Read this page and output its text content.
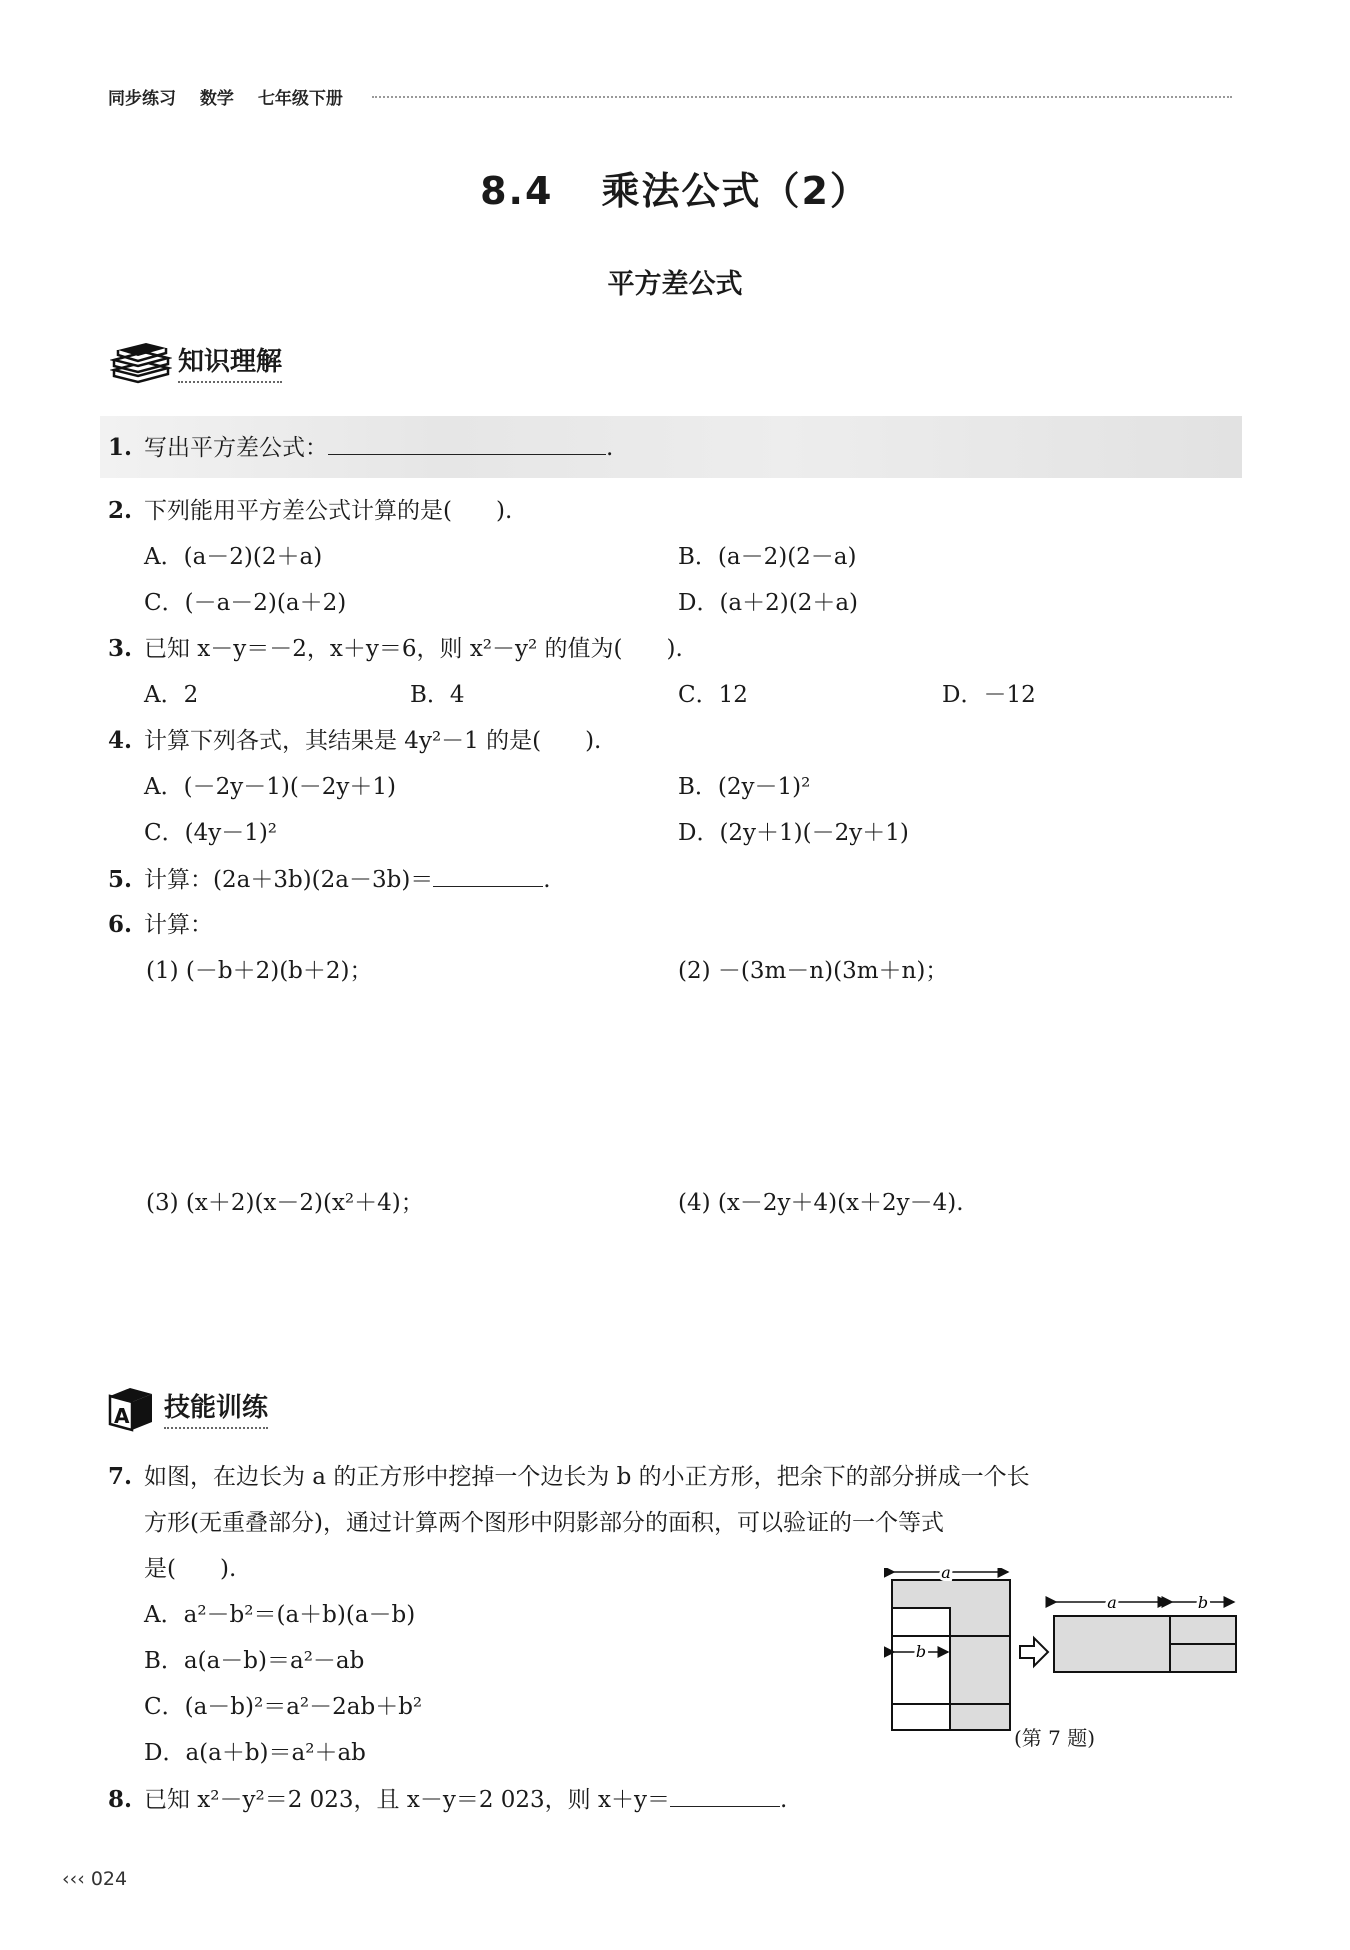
同步练习 数学 七年级下册
8.4 乘法公式（2）
平方差公式
知识理解
1. 写出平方差公式：	.
2. 下列能用平方差公式计算的是( ).
A．(a－2)(2＋a)	B．(a－2)(2－a)
C．(－a－2)(a＋2)	D．(a＋2)(2＋a)
3. 已知 x－y＝－2，x＋y＝6，则 x²－y² 的值为( ).
A．2	B．4	C．12	D．－12
4. 计算下列各式，其结果是 4y²－1 的是( ).
A．(－2y－1)(－2y＋1)	B．(2y－1)²
C．(4y－1)²	D．(2y＋1)(－2y＋1)
5. 计算：(2a＋3b)(2a－3b)＝	.
6. 计算：
(1) (－b＋2)(b＋2)；	(2) －(3m－n)(3m＋n)；
(3) (x＋2)(x－2)(x²＋4)；	(4) (x－2y＋4)(x＋2y－4).
A 技能训练
7. 如图，在边长为 a 的正方形中挖掉一个边长为 b 的小正方形，把余下的部分拼成一个长
方形(无重叠部分)，通过计算两个图形中阴影部分的面积，可以验证的一个等式
是( ).
A．a²－b²＝(a＋b)(a－b)
B．a(a－b)＝a²－ab
C．(a－b)²＝a²－2ab＋b²
D．a(a＋b)＝a²＋ab
a
b
a	b
(第 7 题)
8. 已知 x²－y²＝2 023，且 x－y＝2 023，则 x＋y＝	.
‹‹‹ 024
